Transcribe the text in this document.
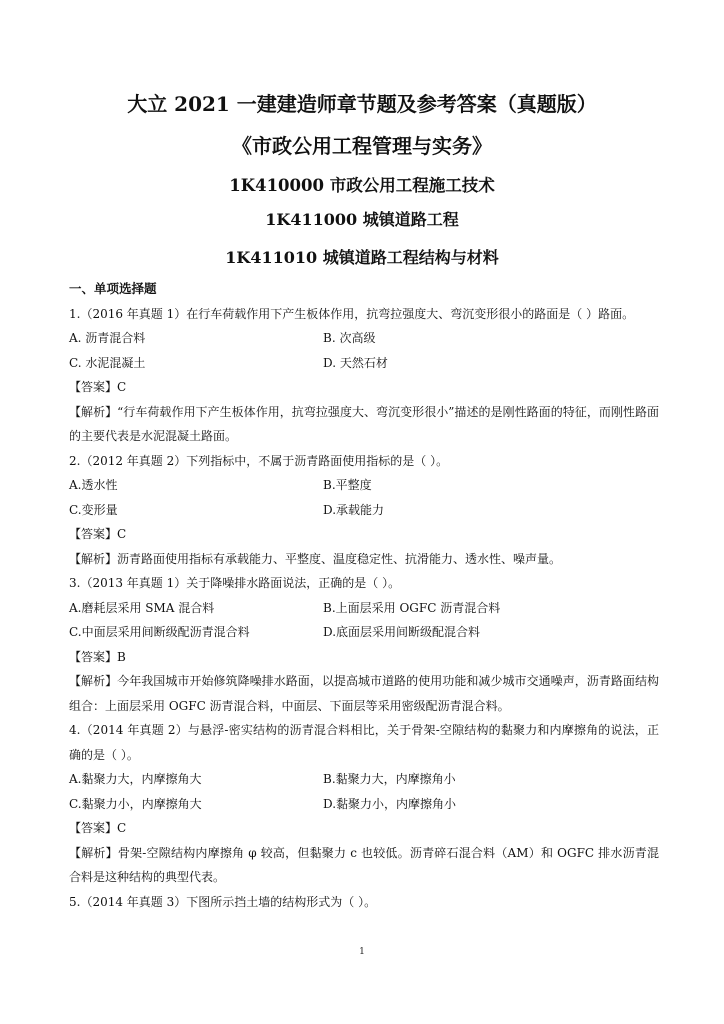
大立 2021 一建建造师章节题及参考答案（真题版）
《市政公用工程管理与实务》
1K410000 市政公用工程施工技术
1K411000 城镇道路工程
1K411010 城镇道路工程结构与材料

一、单项选择题

1.（2016 年真题 1）在行车荷载作用下产生板体作用，抗弯拉强度大、弯沉变形很小的路面是（ ）路面。

A. 沥青混合料	B. 次高级
C. 水泥混凝土	D. 天然石材

【答案】C

【解析】“行车荷载作用下产生板体作用，抗弯拉强度大、弯沉变形很小”描述的是刚性路面的特征，而刚性路面的主要代表是水泥混凝土路面。

2.（2012 年真题 2）下列指标中，不属于沥青路面使用指标的是（ ）。

A.透水性	B.平整度
C.变形量	D.承载能力

【答案】C

【解析】沥青路面使用指标有承载能力、平整度、温度稳定性、抗滑能力、透水性、噪声量。

3.（2013 年真题 1）关于降噪排水路面说法，正确的是（ ）。

A.磨耗层采用 SMA 混合料	B.上面层采用 OGFC 沥青混合料
C.中面层采用间断级配沥青混合料	D.底面层采用间断级配混合料

【答案】B

【解析】今年我国城市开始修筑降噪排水路面，以提高城市道路的使用功能和减少城市交通噪声，沥青路面结构组合：上面层采用 OGFC 沥青混合料，中面层、下面层等采用密级配沥青混合料。

4.（2014 年真题 2）与悬浮-密实结构的沥青混合料相比，关于骨架-空隙结构的黏聚力和内摩擦角的说法，正确的是（ ）。

A.黏聚力大，内摩擦角大	B.黏聚力大，内摩擦角小
C.黏聚力小，内摩擦角大	D.黏聚力小，内摩擦角小

【答案】C

【解析】骨架-空隙结构内摩擦角 φ 较高，但黏聚力 c 也较低。沥青碎石混合料（AM）和 OGFC 排水沥青混合料是这种结构的典型代表。

5.（2014 年真题 3）下图所示挡土墙的结构形式为（ ）。

1
